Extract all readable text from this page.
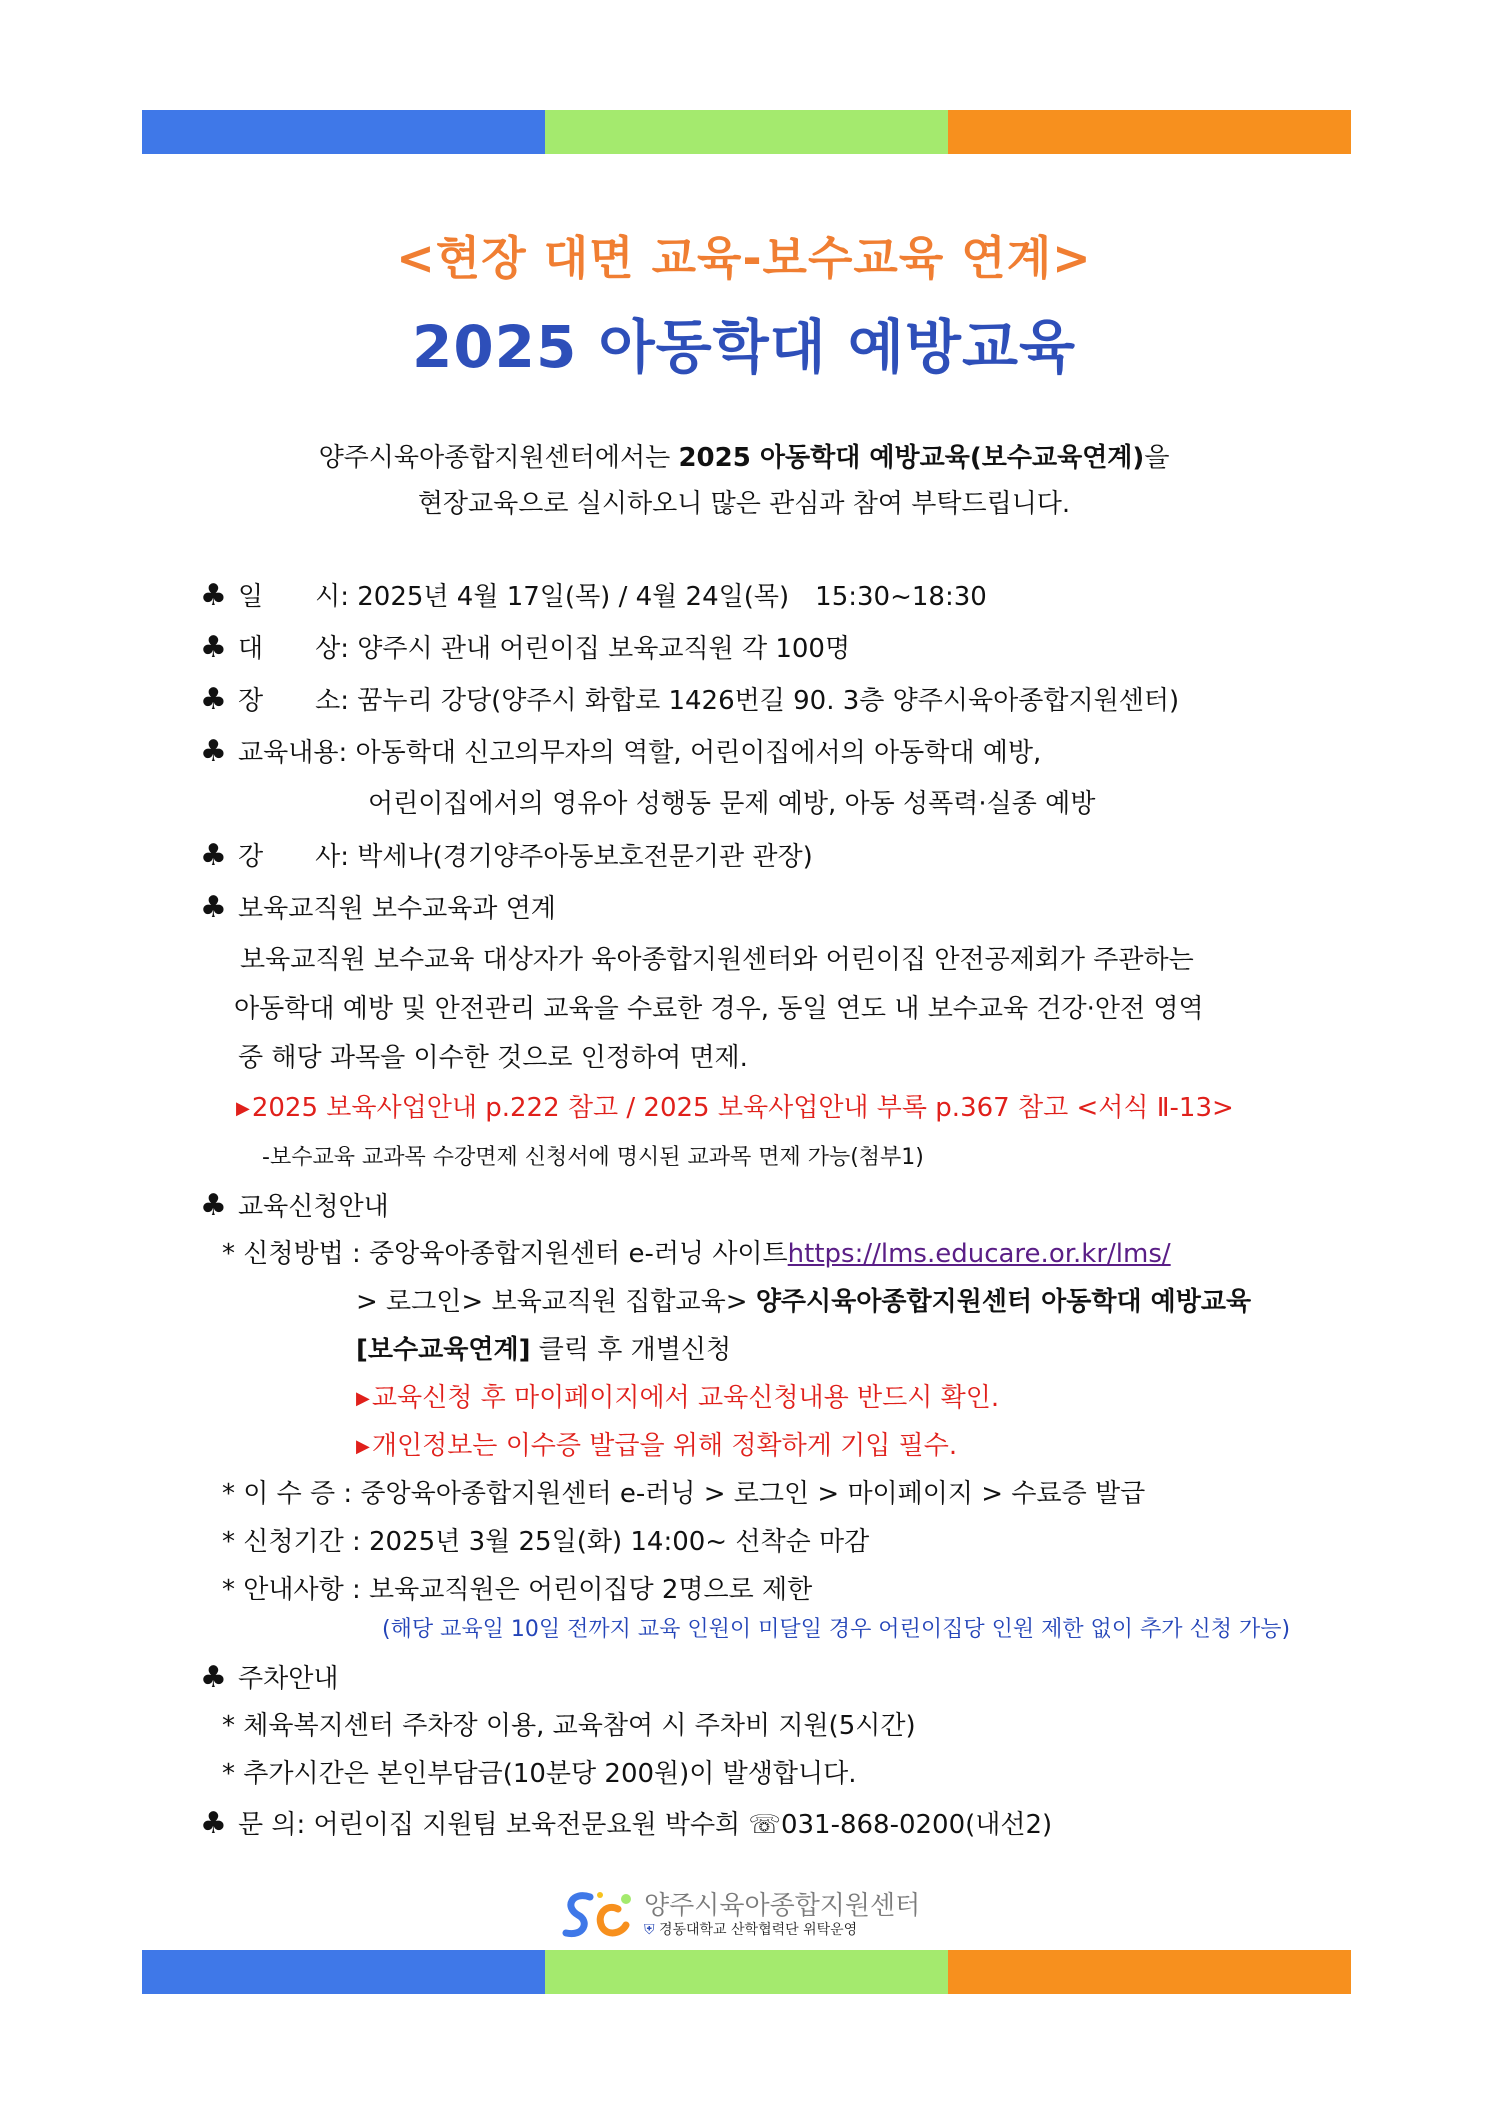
<현장 대면 교육-보수교육 연계>
2025 아동학대 예방교육
양주시육아종합지원센터에서는 2025 아동학대 예방교육(보수교육연계)을
현장교육으로 실시하오니 많은 관심과 참여 부탁드립니다.
♣ 일　　시: 2025년 4월 17일(목) / 4월 24일(목)　15:30~18:30
♣ 대　　상: 양주시 관내 어린이집 보육교직원 각 100명
♣ 장　　소: 꿈누리 강당(양주시 화합로 1426번길 90. 3층 양주시육아종합지원센터)
♣ 교육내용: 아동학대 신고의무자의 역할, 어린이집에서의 아동학대 예방,
어린이집에서의 영유아 성행동 문제 예방, 아동 성폭력·실종 예방
♣ 강　　사: 박세나(경기양주아동보호전문기관 관장)
♣ 보육교직원 보수교육과 연계
보육교직원 보수교육 대상자가 육아종합지원센터와 어린이집 안전공제회가 주관하는
아동학대 예방 및 안전관리 교육을 수료한 경우, 동일 연도 내 보수교육 건강·안전 영역
중 해당 과목을 이수한 것으로 인정하여 면제.
▶2025 보육사업안내 p.222 참고 / 2025 보육사업안내 부록 p.367 참고 <서식 Ⅱ-13>
-보수교육 교과목 수강면제 신청서에 명시된 교과목 면제 가능(첨부1)
♣ 교육신청안내
* 신청방법 : 중앙육아종합지원센터 e-러닝 사이트https://lms.educare.or.kr/lms/
> 로그인> 보육교직원 집합교육> 양주시육아종합지원센터 아동학대 예방교육
[보수교육연계] 클릭 후 개별신청
▶교육신청 후 마이페이지에서 교육신청내용 반드시 확인.
▶개인정보는 이수증 발급을 위해 정확하게 기입 필수.
* 이 수 증 : 중앙육아종합지원센터 e-러닝 > 로그인 > 마이페이지 > 수료증 발급
* 신청기간 : 2025년 3월 25일(화) 14:00~ 선착순 마감
* 안내사항 : 보육교직원은 어린이집당 2명으로 제한
(해당 교육일 10일 전까지 교육 인원이 미달일 경우 어린이집당 인원 제한 없이 추가 신청 가능)
♣ 주차안내
* 체육복지센터 주차장 이용, 교육참여 시 주차비 지원(5시간)
* 추가시간은 본인부담금(10분당 200원)이 발생합니다.
♣ 문 의: 어린이집 지원팀 보육전문요원 박수희 ☏031-868-0200(내선2)
양주시육아종합지원센터
⛨ 경동대학교 산학협력단 위탁운영
